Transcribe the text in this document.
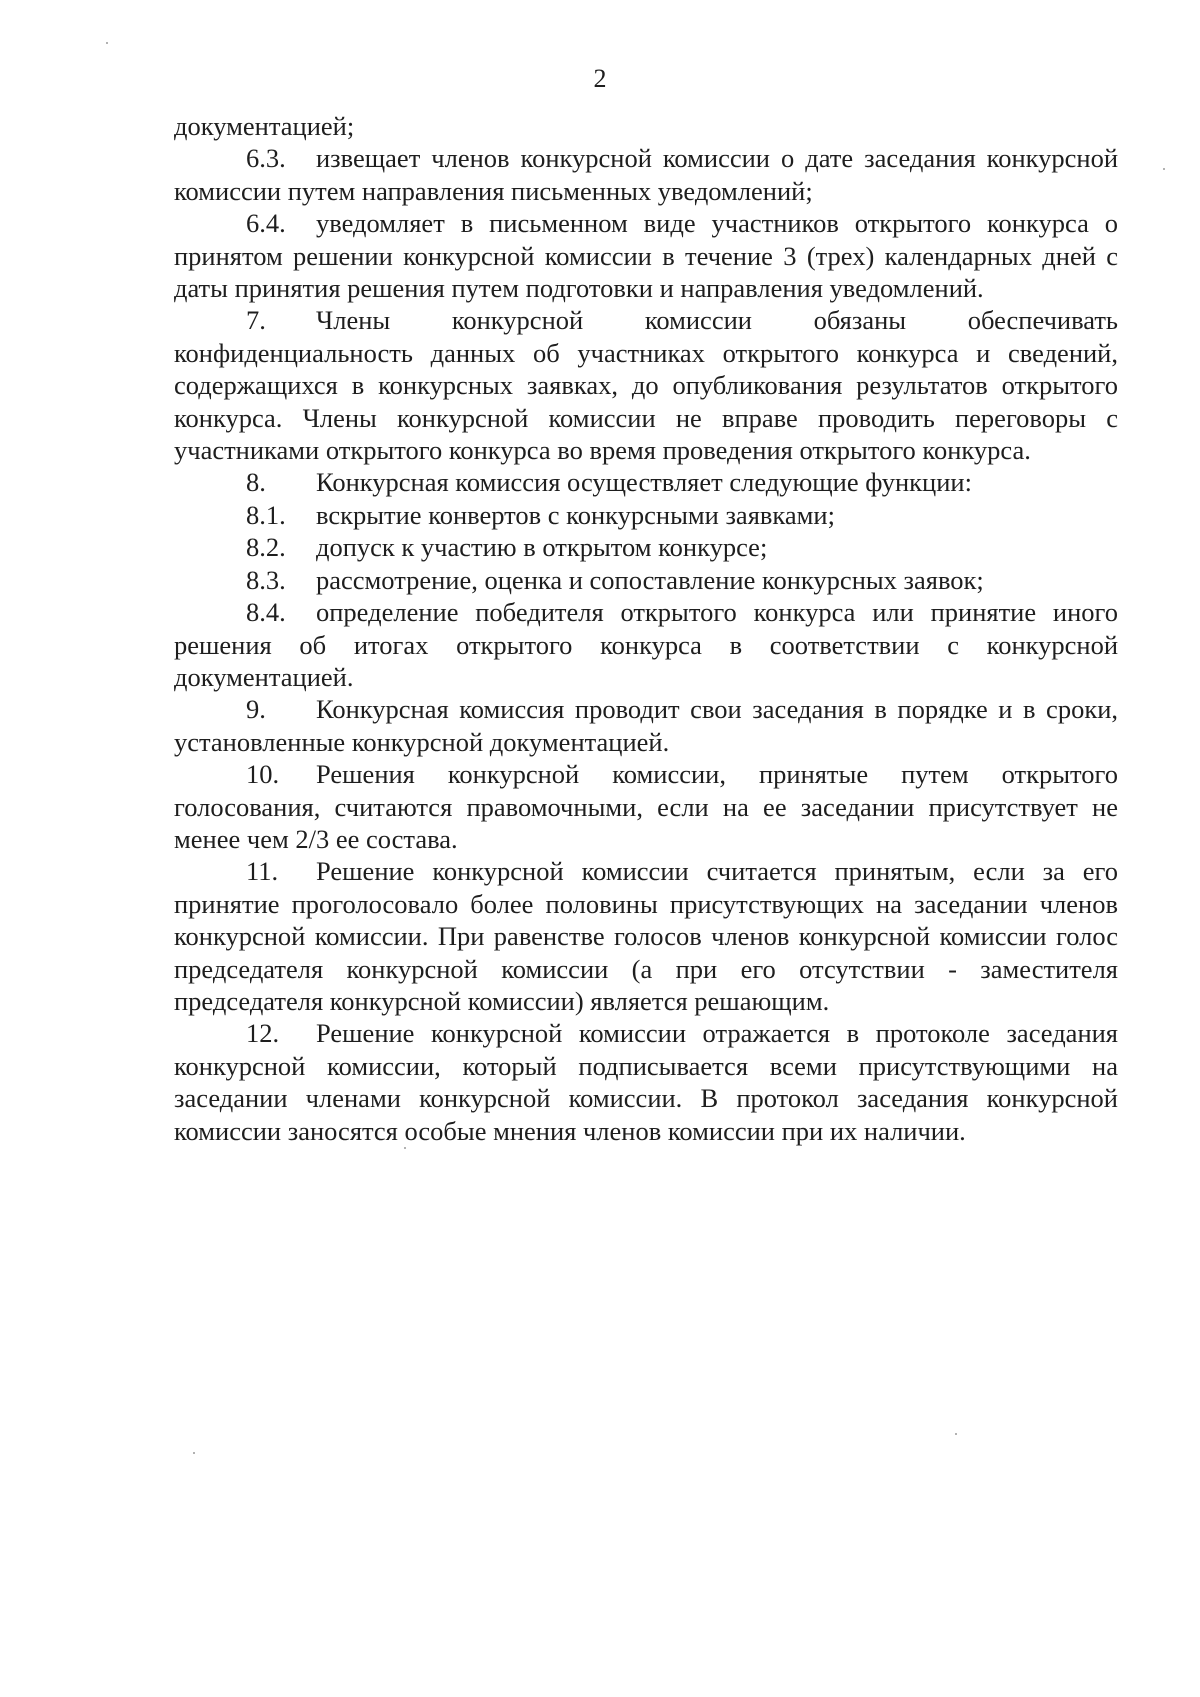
2

документацией;

6.3. извещает членов конкурсной комиссии о дате заседания конкурсной комиссии путем направления письменных уведомлений;

6.4. уведомляет в письменном виде участников открытого конкурса о принятом решении конкурсной комиссии в течение 3 (трех) календарных дней с даты принятия решения путем подготовки и направления уведомлений.

7. Члены конкурсной комиссии обязаны обеспечивать конфиденциальность данных об участниках открытого конкурса и сведений, содержащихся в конкурсных заявках, до опубликования результатов открытого конкурса. Члены конкурсной комиссии не вправе проводить переговоры с участниками открытого конкурса во время проведения открытого конкурса.

8. Конкурсная комиссия осуществляет следующие функции:

8.1. вскрытие конвертов с конкурсными заявками;

8.2. допуск к участию в открытом конкурсе;

8.3. рассмотрение, оценка и сопоставление конкурсных заявок;

8.4. определение победителя открытого конкурса или принятие иного решения об итогах открытого конкурса в соответствии с конкурсной документацией.

9. Конкурсная комиссия проводит свои заседания в порядке и в сроки, установленные конкурсной документацией.

10. Решения конкурсной комиссии, принятые путем открытого голосования, считаются правомочными, если на ее заседании присутствует не менее чем 2/3 ее состава.

11. Решение конкурсной комиссии считается принятым, если за его принятие проголосовало более половины присутствующих на заседании членов конкурсной комиссии. При равенстве голосов членов конкурсной комиссии голос председателя конкурсной комиссии (а при его отсутствии - заместителя председателя конкурсной комиссии) является решающим.

12. Решение конкурсной комиссии отражается в протоколе заседания конкурсной комиссии, который подписывается всеми присутствующими на заседании членами конкурсной комиссии. В протокол заседания конкурсной комиссии заносятся особые мнения членов комиссии при их наличии.
